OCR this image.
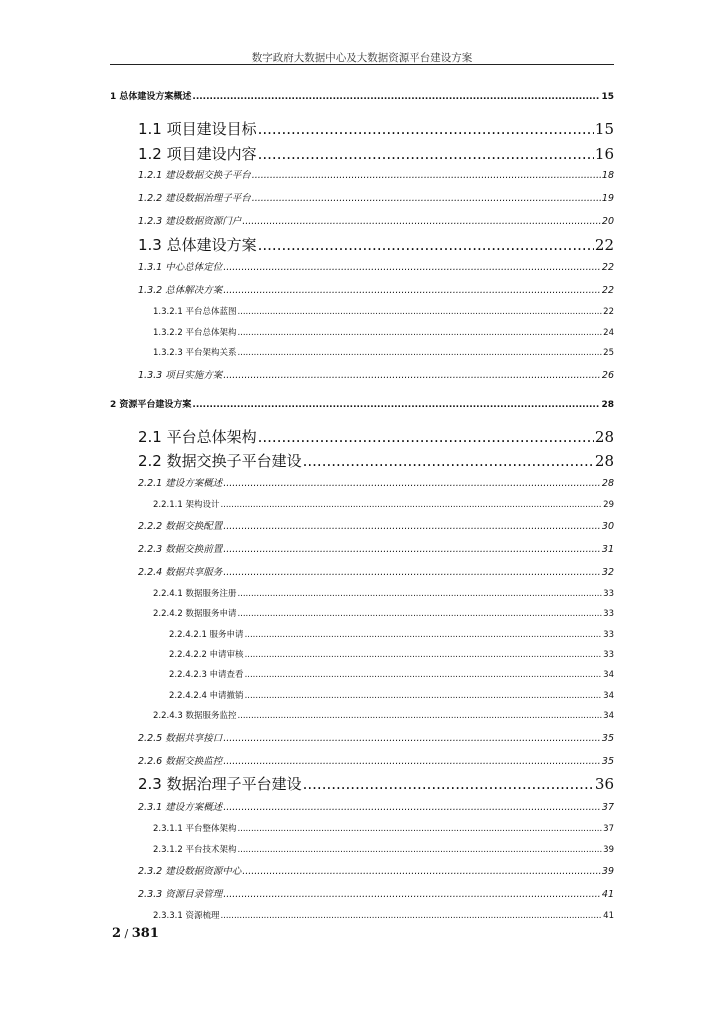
数字政府大数据中心及大数据资源平台建设方案
1 总体建设方案概述 .....	15
1.1 项目建设目标 .....	15
1.2 项目建设内容 .....	16
1.2.1 建设数据交换子平台 .....	18
1.2.2 建设数据治理子平台 .....	19
1.2.3 建设数据资源门户 .....	20
1.3 总体建设方案 .....	22
1.3.1 中心总体定位 .....	22
1.3.2 总体解决方案 .....	22
1.3.2.1 平台总体蓝图 .....	22
1.3.2.2 平台总体架构 .....	24
1.3.2.3 平台架构关系 .....	25
1.3.3 项目实施方案 .....	26
2 资源平台建设方案 .....	28
2.1 平台总体架构 .....	28
2.2 数据交换子平台建设 .....	28
2.2.1 建设方案概述 .....	28
2.2.1.1 架构设计 .....	29
2.2.2 数据交换配置 .....	30
2.2.3 数据交换前置 .....	31
2.2.4 数据共享服务 .....	32
2.2.4.1 数据服务注册 .....	33
2.2.4.2 数据服务申请 .....	33
2.2.4.2.1 服务申请 .....	33
2.2.4.2.2 申请审核 .....	33
2.2.4.2.3 申请查看 .....	34
2.2.4.2.4 申请撤销 .....	34
2.2.4.3 数据服务监控 .....	34
2.2.5 数据共享接口 .....	35
2.2.6 数据交换监控 .....	35
2.3 数据治理子平台建设 .....	36
2.3.1 建设方案概述 .....	37
2.3.1.1 平台整体架构 .....	37
2.3.1.2 平台技术架构 .....	39
2.3.2 建设数据资源中心 .....	39
2.3.3 资源目录管理 .....	41
2.3.3.1 资源梳理 .....	41
2 / 381
